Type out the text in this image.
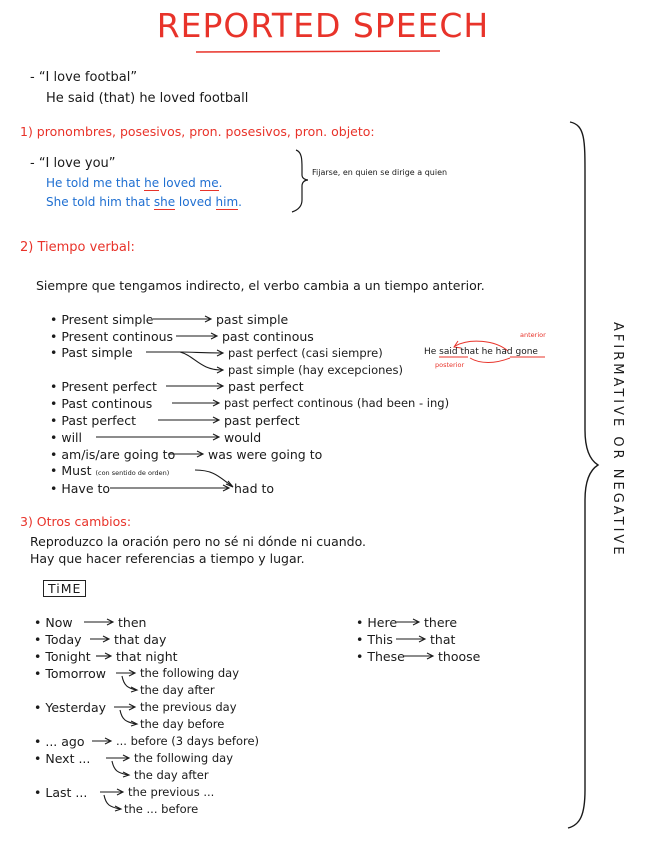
REPORTED SPEECH
- “I love footbal”
He said (that) he loved football
1) pronombres, posesivos, pron. posesivos, pron. objeto:
- “I love you”
He told me that he loved me.
She told him that she loved him.
Fijarse, en quien se dirige a quien
2) Tiempo verbal:
Siempre que tengamos indirecto, el verbo cambia a un tiempo anterior.
• Present simple
• Present continous
• Past simple
• Present perfect
• Past continous
• Past perfect
• will
• am/is/are going to
• Must (con sentido de orden)
• Have to
past simple
past continous
past perfect (casi siempre)
past simple (hay excepciones)
past perfect
past perfect continous (had been - ing)
past perfect
would
was were going to
had to
He said that he had gone
anterior
posterior
3) Otros cambios:
Reproduzco la oración pero no sé ni dónde ni cuando.
Hay que hacer referencias a tiempo y lugar.
TiME
• Now
• Today
• Tonight
• Tomorrow
• Yesterday
• ... ago
• Next ...
• Last ...
then
that day
that night
the following day
the day after
the previous day
the day before
... before (3 days before)
the following day
the day after
the previous ...
the ... before
• Here
• This
• These
there
that
thoose
AFIRMATIVE OR NEGATIVE
